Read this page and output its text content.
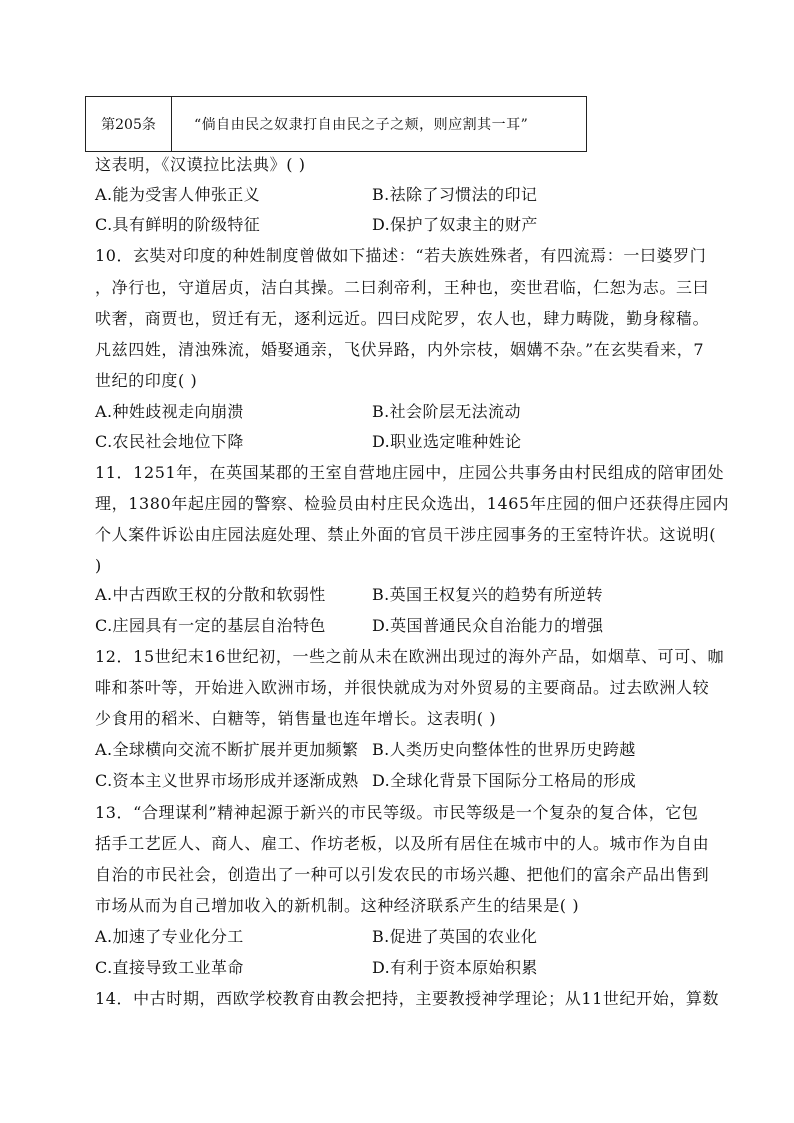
第205条	“倘自由民之奴隶打自由民之子之颊，则应割其一耳”
这表明，《汉谟拉比法典》( )
A.能为受害人伸张正义	B.祛除了习惯法的印记
C.具有鲜明的阶级特征	D.保护了奴隶主的财产
10．玄奘对印度的种姓制度曾做如下描述：“若夫族姓殊者，有四流焉：一曰婆罗门
，净行也，守道居贞，洁白其操。二曰刹帝利，王种也，奕世君临，仁恕为志。三曰
吠奢，商贾也，贸迁有无，逐利远近。四曰戍陀罗，农人也，肆力畴陇，勤身稼穑。
凡兹四姓，清浊殊流，婚娶通亲，飞伏异路，内外宗枝，姻媾不杂。”在玄奘看来，7
世纪的印度( )
A.种姓歧视走向崩溃	B.社会阶层无法流动
C.农民社会地位下降	D.职业选定唯种姓论
11．1251年，在英国某郡的王室自营地庄园中，庄园公共事务由村民组成的陪审团处
理，1380年起庄园的警察、检验员由村庄民众选出，1465年庄园的佃户还获得庄园内
个人案件诉讼由庄园法庭处理、禁止外面的官员干涉庄园事务的王室特许状。这说明(
)
A.中古西欧王权的分散和软弱性	B.英国王权复兴的趋势有所逆转
C.庄园具有一定的基层自治特色	D.英国普通民众自治能力的增强
12．15世纪末16世纪初，一些之前从未在欧洲出现过的海外产品，如烟草、可可、咖
啡和茶叶等，开始进入欧洲市场，并很快就成为对外贸易的主要商品。过去欧洲人较
少食用的稻米、白糖等，销售量也连年增长。这表明( )
A.全球横向交流不断扩展并更加频繁 B.人类历史向整体性的世界历史跨越
C.资本主义世界市场形成并逐渐成熟 D.全球化背景下国际分工格局的形成
13．“合理谋利”精神起源于新兴的市民等级。市民等级是一个复杂的复合体，它包
括手工艺匠人、商人、雇工、作坊老板，以及所有居住在城市中的人。城市作为自由
自治的市民社会，创造出了一种可以引发农民的市场兴趣、把他们的富余产品出售到
市场从而为自己增加收入的新机制。这种经济联系产生的结果是( )
A.加速了专业化分工	B.促进了英国的农业化
C.直接导致工业革命	D.有利于资本原始积累
14．中古时期，西欧学校教育由教会把持，主要教授神学理论；从11世纪开始，算数
